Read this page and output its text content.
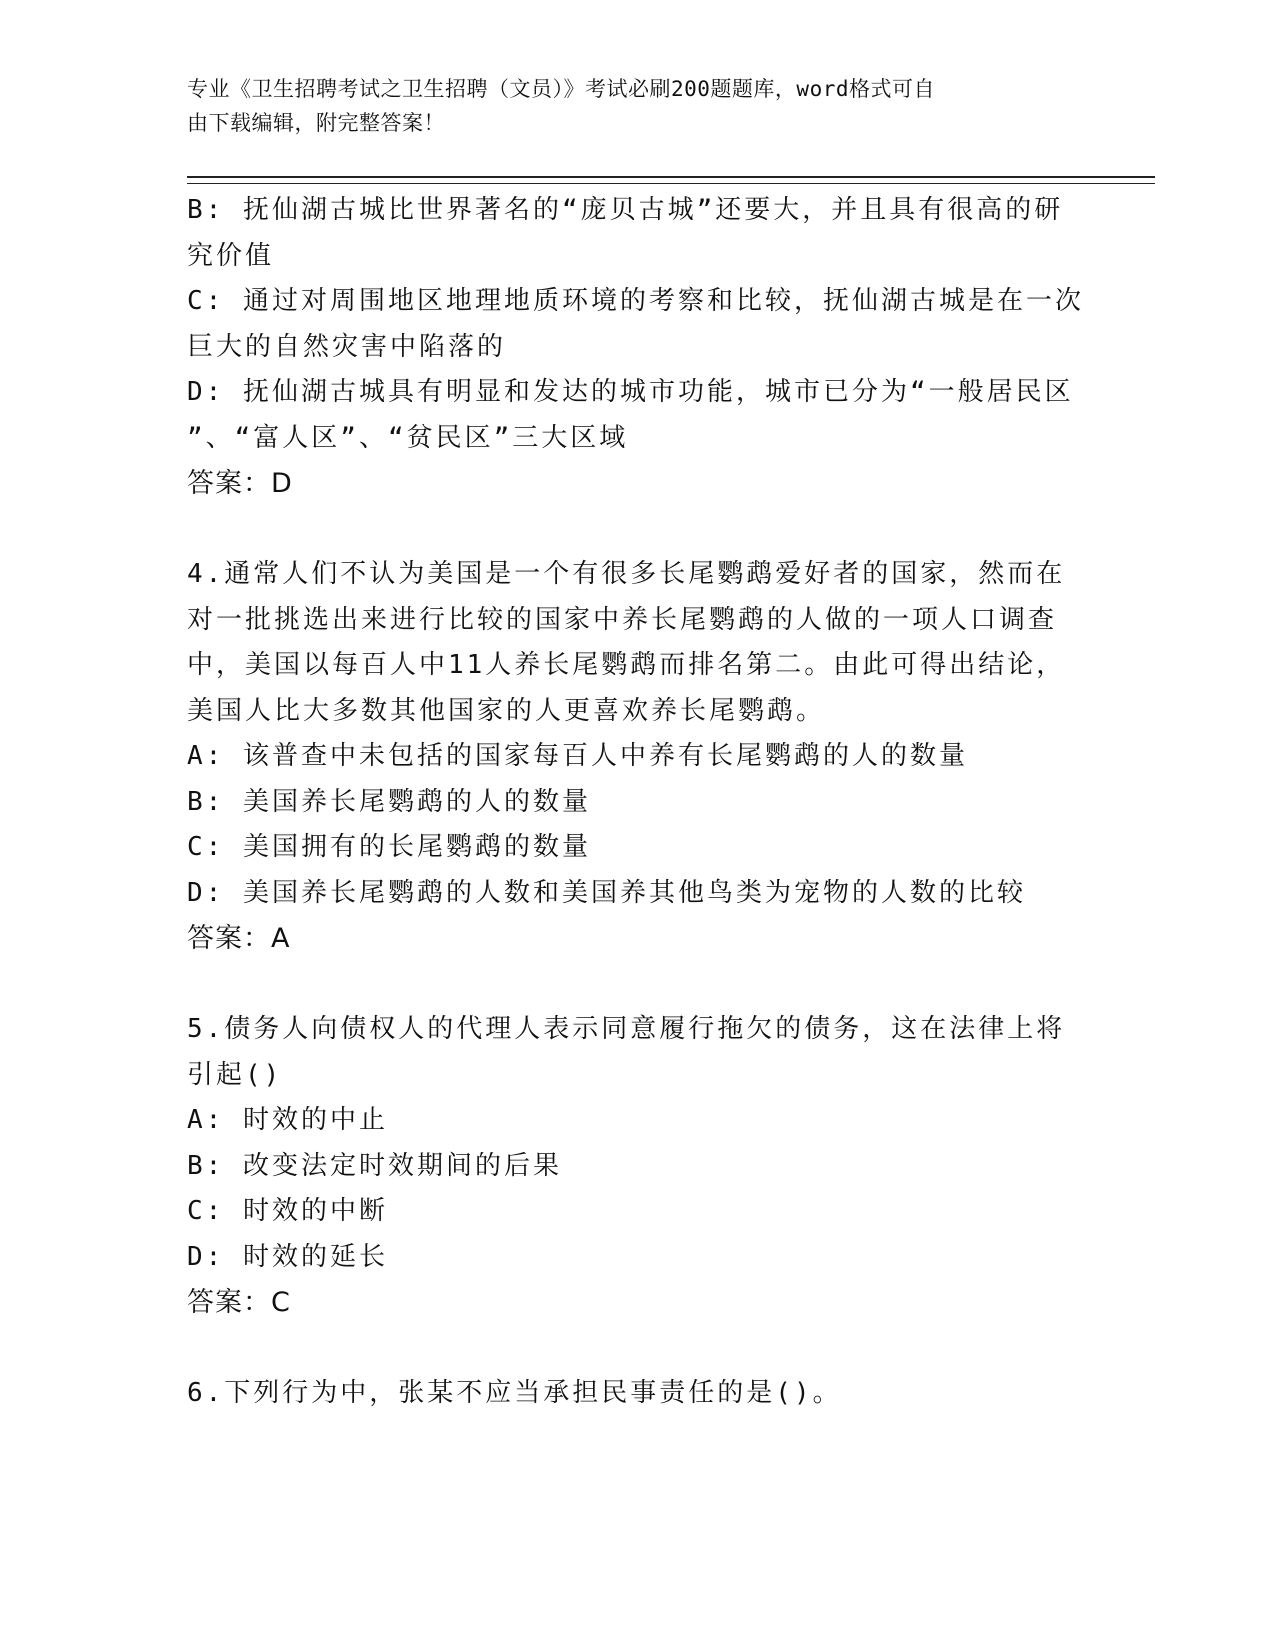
专业《卫生招聘考试之卫生招聘（文员）》考试必刷200题题库，word格式可自
由下载编辑，附完整答案！
B: 抚仙湖古城比世界著名的“庞贝古城”还要大，并且具有很高的研
究价值
C: 通过对周围地区地理地质环境的考察和比较，抚仙湖古城是在一次
巨大的自然灾害中陷落的
D: 抚仙湖古城具有明显和发达的城市功能，城市已分为“一般居民区
”、“富人区”、“贫民区”三大区域
答案：D
4.通常人们不认为美国是一个有很多长尾鹦鹉爱好者的国家，然而在
对一批挑选出来进行比较的国家中养长尾鹦鹉的人做的一项人口调查
中，美国以每百人中11人养长尾鹦鹉而排名第二。由此可得出结论，
美国人比大多数其他国家的人更喜欢养长尾鹦鹉。
A: 该普查中未包括的国家每百人中养有长尾鹦鹉的人的数量
B: 美国养长尾鹦鹉的人的数量
C: 美国拥有的长尾鹦鹉的数量
D: 美国养长尾鹦鹉的人数和美国养其他鸟类为宠物的人数的比较
答案：A
5.债务人向债权人的代理人表示同意履行拖欠的债务，这在法律上将
引起()
A: 时效的中止
B: 改变法定时效期间的后果
C: 时效的中断
D: 时效的延长
答案：C
6.下列行为中，张某不应当承担民事责任的是()。
